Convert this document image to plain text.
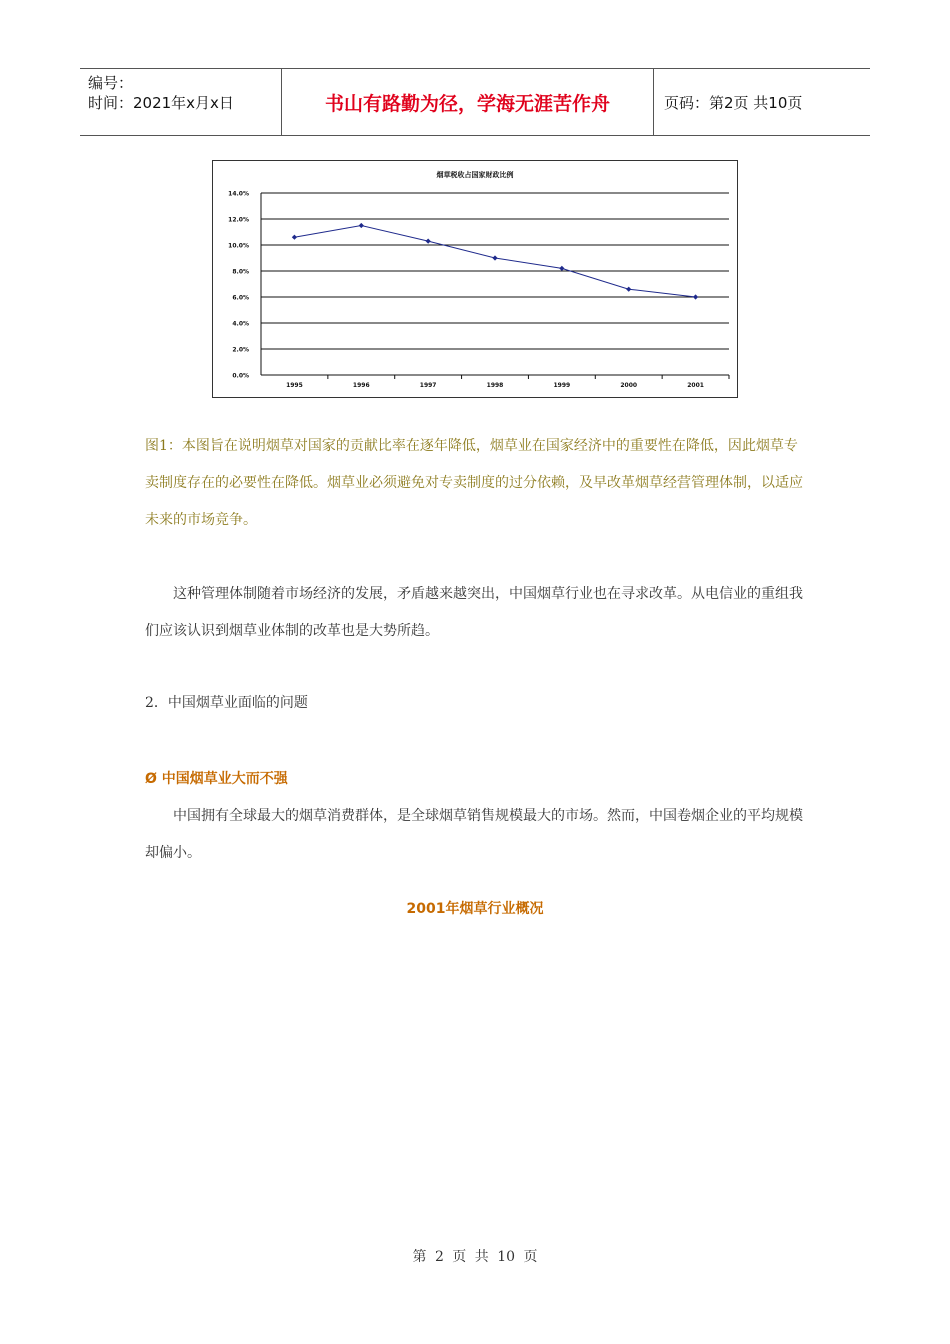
编号：
时间：2021年x月x日	书山有路勤为径，学海无涯苦作舟	页码：第2页 共10页
烟草税收占国家财政比例
0.0%
2.0%
4.0%
6.0%
8.0%
10.0%
12.0%
14.0%
1995	1996	1997	1998	1999	2000	2001
图1：本图旨在说明烟草对国家的贡献比率在逐年降低，烟草业在国家经济中的重要性在降低，因此烟草专卖制度存在的必要性在降低。烟草业必须避免对专卖制度的过分依赖，及早改革烟草经营管理体制，以适应未来的市场竞争。
这种管理体制随着市场经济的发展，矛盾越来越突出，中国烟草行业也在寻求改革。从电信业的重组我们应该认识到烟草业体制的改革也是大势所趋。
2．中国烟草业面临的问题
Ø 中国烟草业大而不强
中国拥有全球最大的烟草消费群体，是全球烟草销售规模最大的市场。然而，中国卷烟企业的平均规模却偏小。
2001年烟草行业概况
第 2 页 共 10 页
